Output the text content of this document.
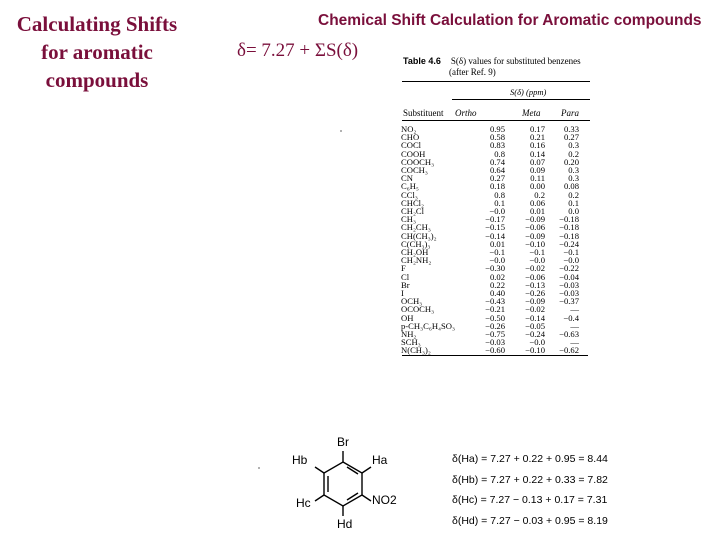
Calculating Shifts for aromatic compounds
Chemical Shift Calculation for Aromatic compounds
δ= 7.27 + ΣS(δ)	Table 4.6 S(δ) values for substituted benzenes
(after Ref. 9)
S(δ) (ppm)
Substituent Ortho	Meta Para
NO₂	0.95	0.17	0.33
CHO	0.58	0.21	0.27
COCl	0.83	0.16	0.3
COOH	0.8	0.14	0.2
COOCH₃	0.74	0.07	0.20
COCH₃	0.64	0.09	0.3
CN	0.27	0.11	0.3
C₆H₅	0.18	0.00	0.08
CCl₃	0.8	0.2	0.2
CHCl₂	0.1	0.06	0.1
CH₂Cl	−0.0	0.01	0.0
CH₃	−0.17	−0.09	−0.18
CH₂CH₃	−0.15	−0.06	−0.18
CH(CH₃)₂	−0.14	−0.09	−0.18
C(CH₃)₃	0.01	−0.10	−0.24
CH₂OH	−0.1	−0.1	−0.1
CH₂NH₂	−0.0	−0.0	−0.0
F	−0.30	−0.02	−0.22
Cl	0.02	−0.06	−0.04
Br	0.22	−0.13	−0.03
I	0.40	−0.26	−0.03
OCH₃	−0.43	−0.09	−0.37
OCOCH₃	−0.21	−0.02	—
OH	−0.50	−0.14	−0.4
p-CH₃C₆H₄SO₃	−0.26	−0.05	—
NH₂	−0.75	−0.24	−0.63
SCH₃	−0.03	−0.0	—
N(CH₃)₂	−0.60	−0.10	−0.62
Br
Ha
Hb
Hc	NO2
Hd
δ(Ha) = 7.27 + 0.22 + 0.95 = 8.44
δ(Hb) = 7.27 + 0.22 + 0.33 = 7.82
δ(Hc) = 7.27 − 0.13 + 0.17 = 7.31
δ(Hd) = 7.27 − 0.03 + 0.95 = 8.19
